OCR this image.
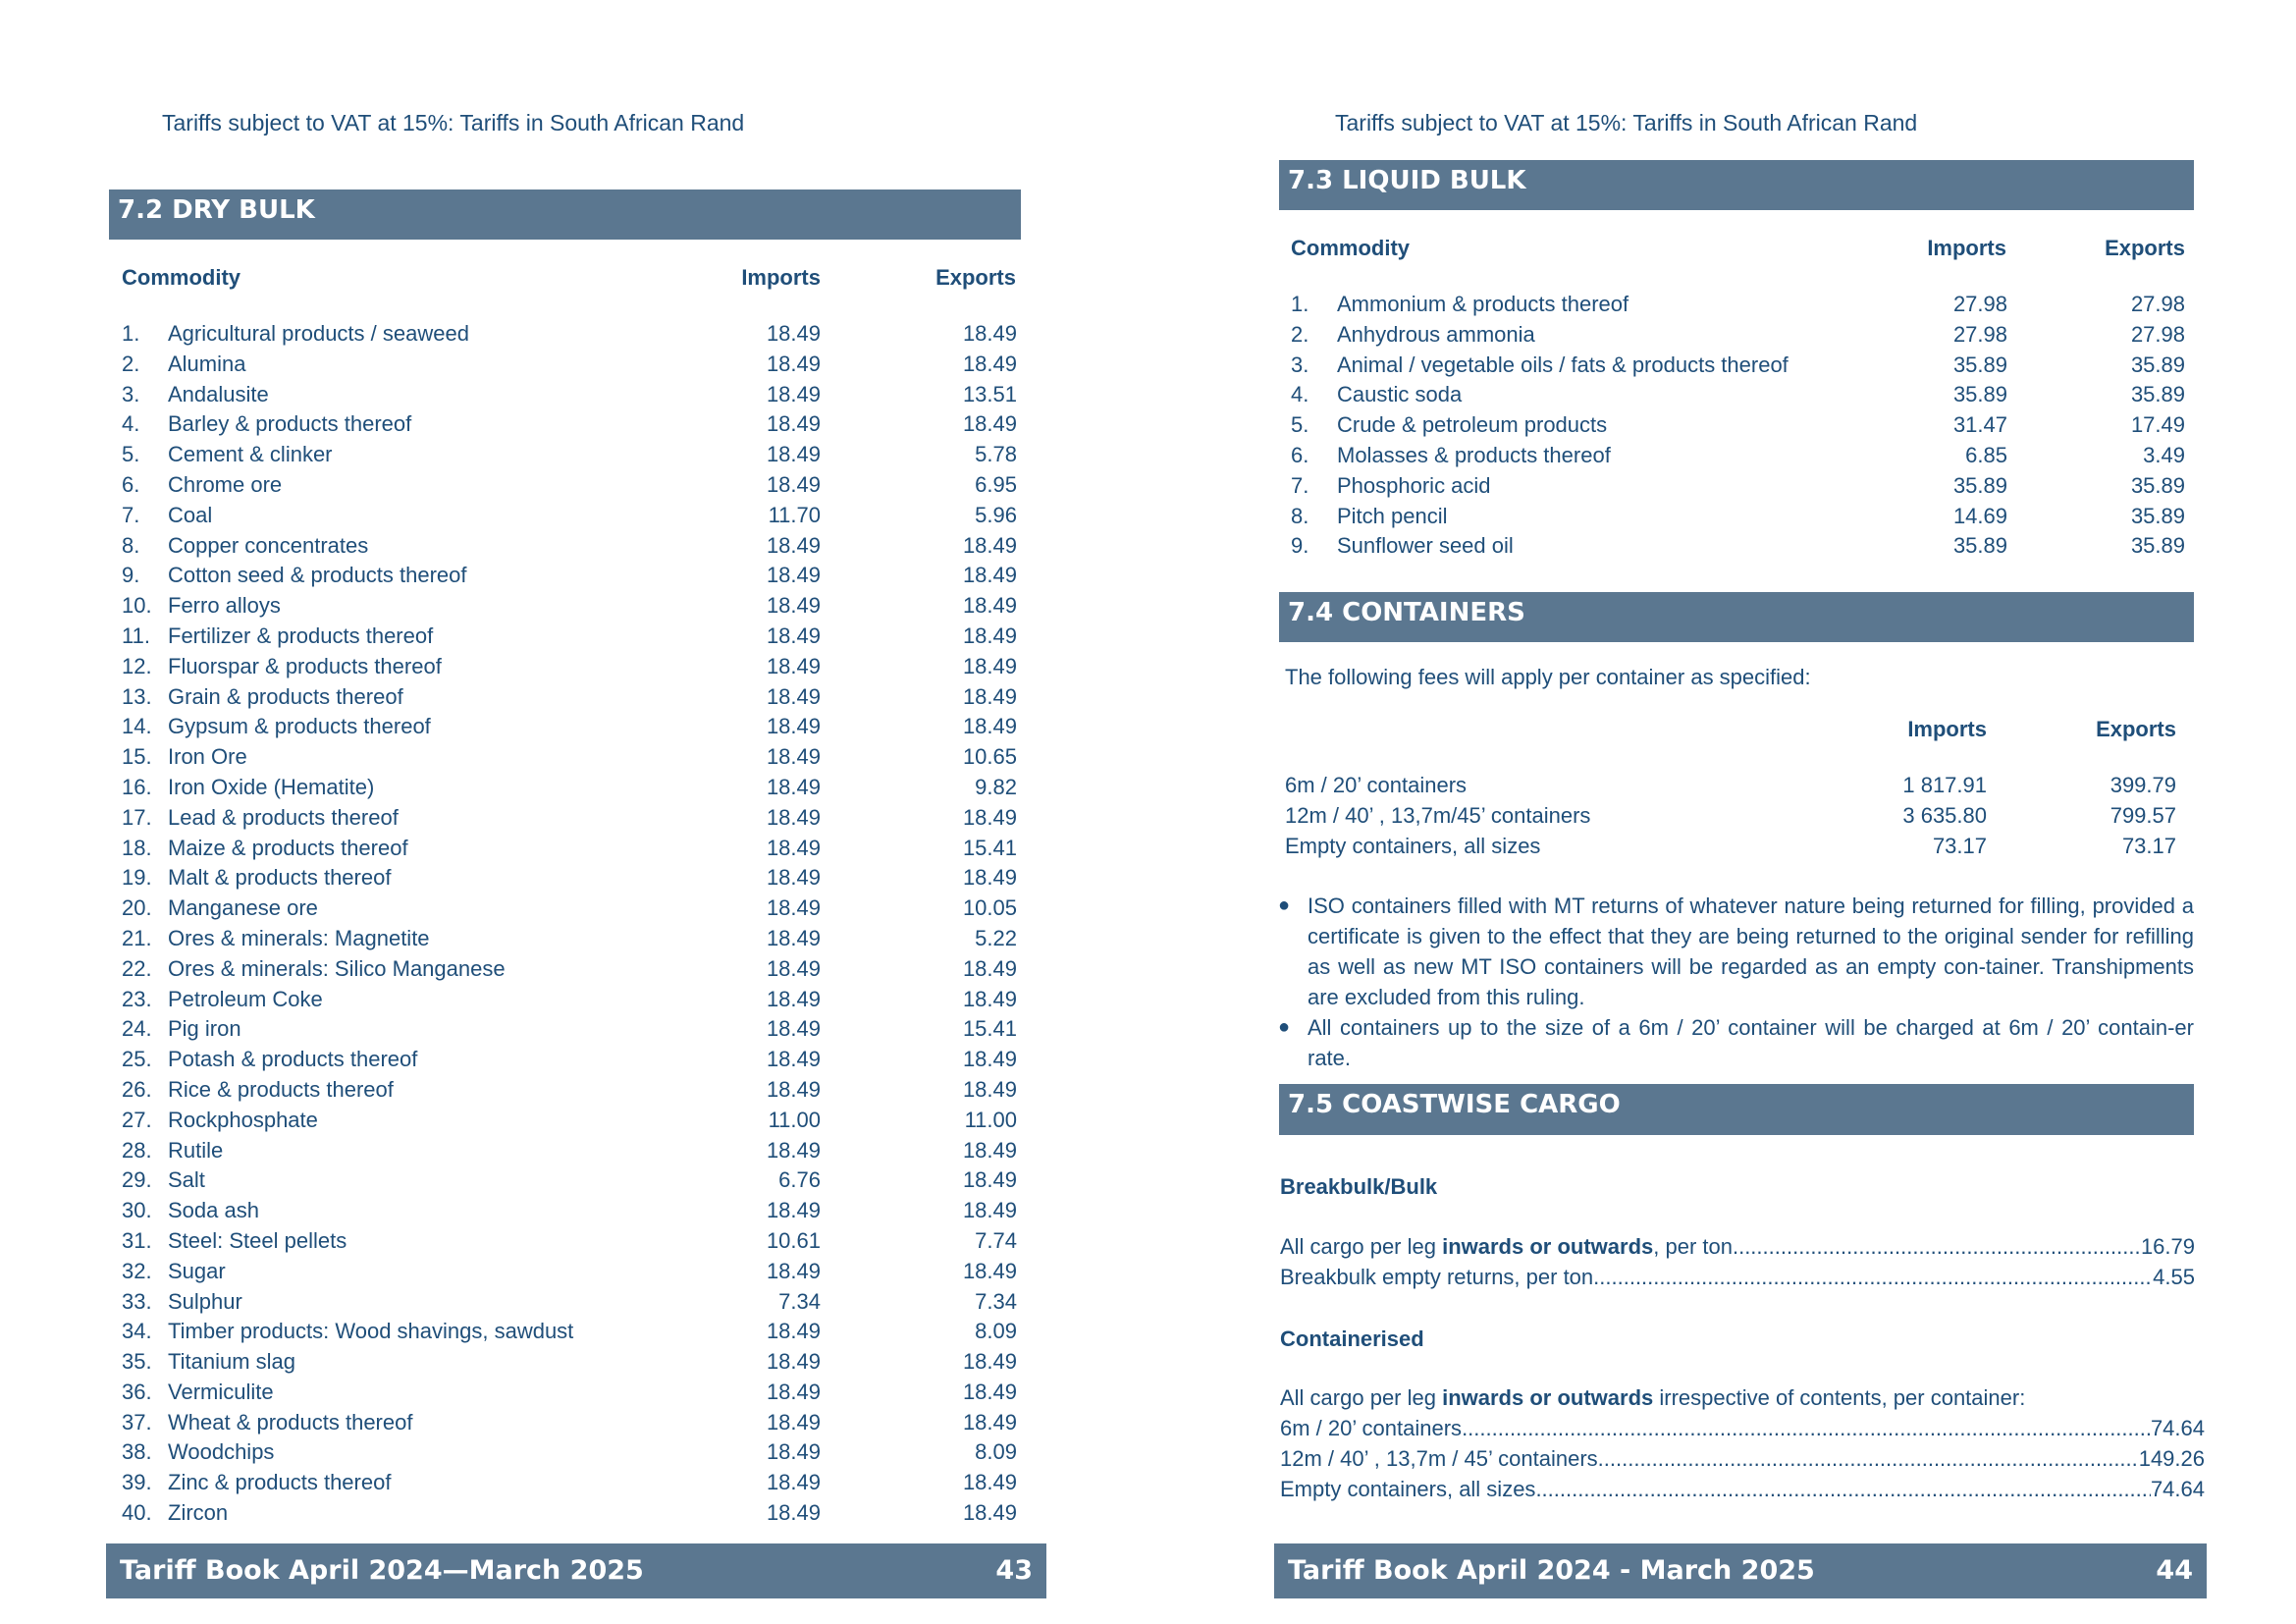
Tariffs subject to VAT at 15%: Tariffs in South African Rand
7.2 DRY BULK
Commodity	Imports	Exports
1. Agricultural products / seaweed	18.49	18.49
2. Alumina	18.49	18.49
3. Andalusite	18.49	13.51
4. Barley & products thereof	18.49	18.49
5. Cement & clinker	18.49	5.78
6. Chrome ore	18.49	6.95
7. Coal	11.70	5.96
8. Copper concentrates	18.49	18.49
9. Cotton seed & products thereof	18.49	18.49
10. Ferro alloys	18.49	18.49
11. Fertilizer & products thereof	18.49	18.49
12. Fluorspar & products thereof	18.49	18.49
13. Grain & products thereof	18.49	18.49
14. Gypsum & products thereof	18.49	18.49
15. Iron Ore	18.49	10.65
16. Iron Oxide (Hematite)	18.49	9.82
17. Lead & products thereof	18.49	18.49
18. Maize & products thereof	18.49	15.41
19. Malt & products thereof	18.49	18.49
20. Manganese ore	18.49	10.05
21. Ores & minerals: Magnetite	18.49	5.22
22. Ores & minerals: Silico Manganese	18.49	18.49
23. Petroleum Coke	18.49	18.49
24. Pig iron	18.49	15.41
25. Potash & products thereof	18.49	18.49
26. Rice & products thereof	18.49	18.49
27. Rockphosphate	11.00	11.00
28. Rutile	18.49	18.49
29. Salt	6.76	18.49
30. Soda ash	18.49	18.49
31. Steel: Steel pellets	10.61	7.74
32. Sugar	18.49	18.49
33. Sulphur	7.34	7.34
34. Timber products: Wood shavings, sawdust	18.49	8.09
35. Titanium slag	18.49	18.49
36. Vermiculite	18.49	18.49
37. Wheat & products thereof	18.49	18.49
38. Woodchips	18.49	8.09
39. Zinc & products thereof	18.49	18.49
40. Zircon	18.49	18.49
Tariff Book April 2024—March 2025	43
Tariffs subject to VAT at 15%: Tariffs in South African Rand
7.3 LIQUID BULK
Commodity	Imports	Exports
1. Ammonium & products thereof	27.98	27.98
2. Anhydrous ammonia	27.98	27.98
3. Animal / vegetable oils / fats & products thereof	35.89	35.89
4. Caustic soda	35.89	35.89
5. Crude & petroleum products	31.47	17.49
6. Molasses & products thereof	6.85	3.49
7. Phosphoric acid	35.89	35.89
8. Pitch pencil	14.69	35.89
9. Sunflower seed oil	35.89	35.89
7.4 CONTAINERS
The following fees will apply per container as specified:
Imports	Exports
6m / 20’ containers	1 817.91	399.79
12m / 40’ , 13,7m/45’ containers	3 635.80	799.57
Empty containers, all sizes	73.17	73.17

● ISO containers filled with MT returns of whatever nature being returned for filling, provided a certificate is given to the effect that they are being returned to the original sender for refilling as well as new MT ISO containers will be regarded as an empty con-tainer. Transhipments are excluded from this ruling.

● All containers up to the size of a 6m / 20’ container will be charged at 6m / 20’ contain-er rate.

7.5 COASTWISE CARGO
Breakbulk/Bulk
All cargo per leg inwards or outwards, per ton .....	16.79
Breakbulk empty returns, per ton .....	4.55
Containerised
All cargo per leg inwards or outwards irrespective of contents, per container:
6m / 20’ containers .....	74.64
12m / 40’ , 13,7m / 45’ containers .....	149.26
Empty containers, all sizes .....	74.64
Tariff Book April 2024 - March 2025	44
